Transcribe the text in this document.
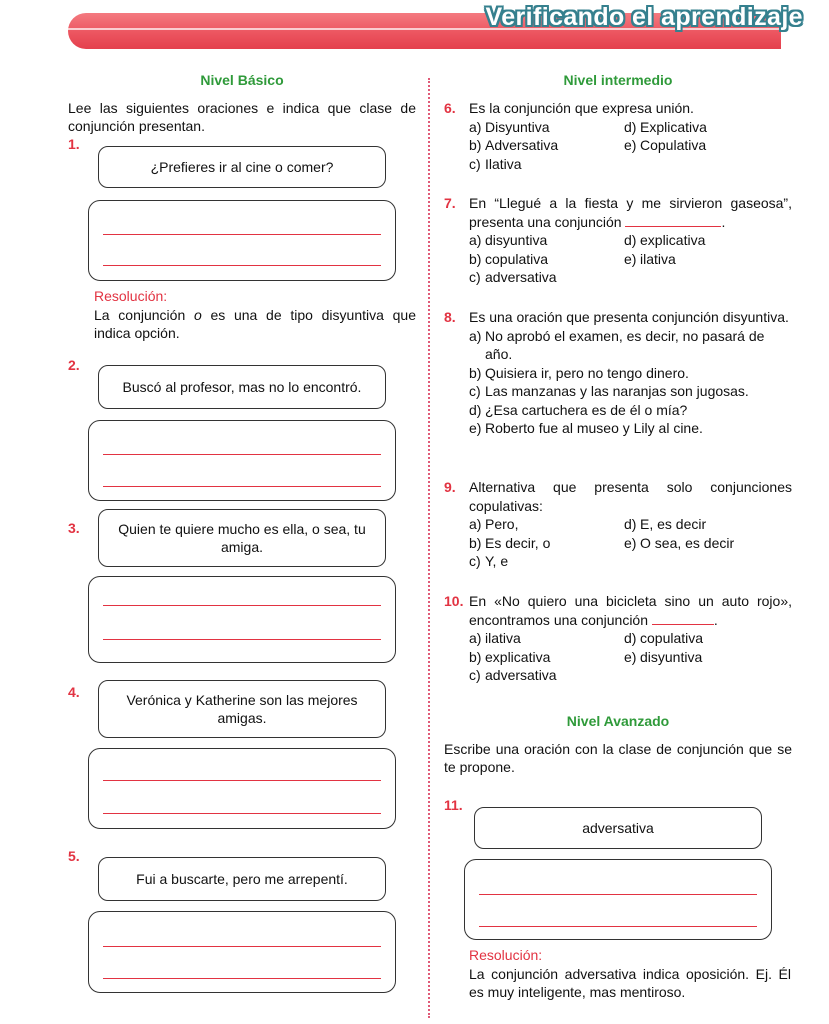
Verificando el aprendizaje
Nivel Básico
Lee las siguientes oraciones e indica que clase de conjunción presentan.
1.
¿Prefieres ir al cine o comer?
Resolución:
La conjunción o es una de tipo disyuntiva que indica opción.
2.
Buscó al profesor, mas no lo encontró.
3.	Quien te quiere mucho es ella, o sea, tu amiga.
4.	Verónica y Katherine son las mejores amigas.
5.
Fui a buscarte, pero me arrepentí.
Nivel intermedio
6. Es la conjunción que expresa unión.
a) Disyuntiva	d) Explicativa
b) Adversativa	e) Copulativa
c) Ilativa
7. En “Llegué a la fiesta y me sirvieron gaseosa”, presenta una conjunción	.
a) disyuntiva	d) explicativa
b) copulativa	e) ilativa
c) adversativa
8. Es una oración que presenta conjunción disyuntiva.
a) No aprobó el examen, es decir, no pasará de año.
b) Quisiera ir, pero no tengo dinero.
c) Las manzanas y las naranjas son jugosas.
d) ¿Esa cartuchera es de él o mía?
e) Roberto fue al museo y Lily al cine.
9. Alternativa que presenta solo conjunciones copulativas:
a) Pero,	d) E, es decir
b) Es decir, o	e) O sea, es decir
c) Y, e
10. En «No quiero una bicicleta sino un auto rojo», encontramos una conjunción	.
a) ilativa	d) copulativa
b) explicativa	e) disyuntiva
c) adversativa
Nivel Avanzado
Escribe una oración con la clase de conjunción que se te propone.
11.
adversativa
Resolución:
La conjunción adversativa indica oposición. Ej. Él es muy inteligente, mas mentiroso.
